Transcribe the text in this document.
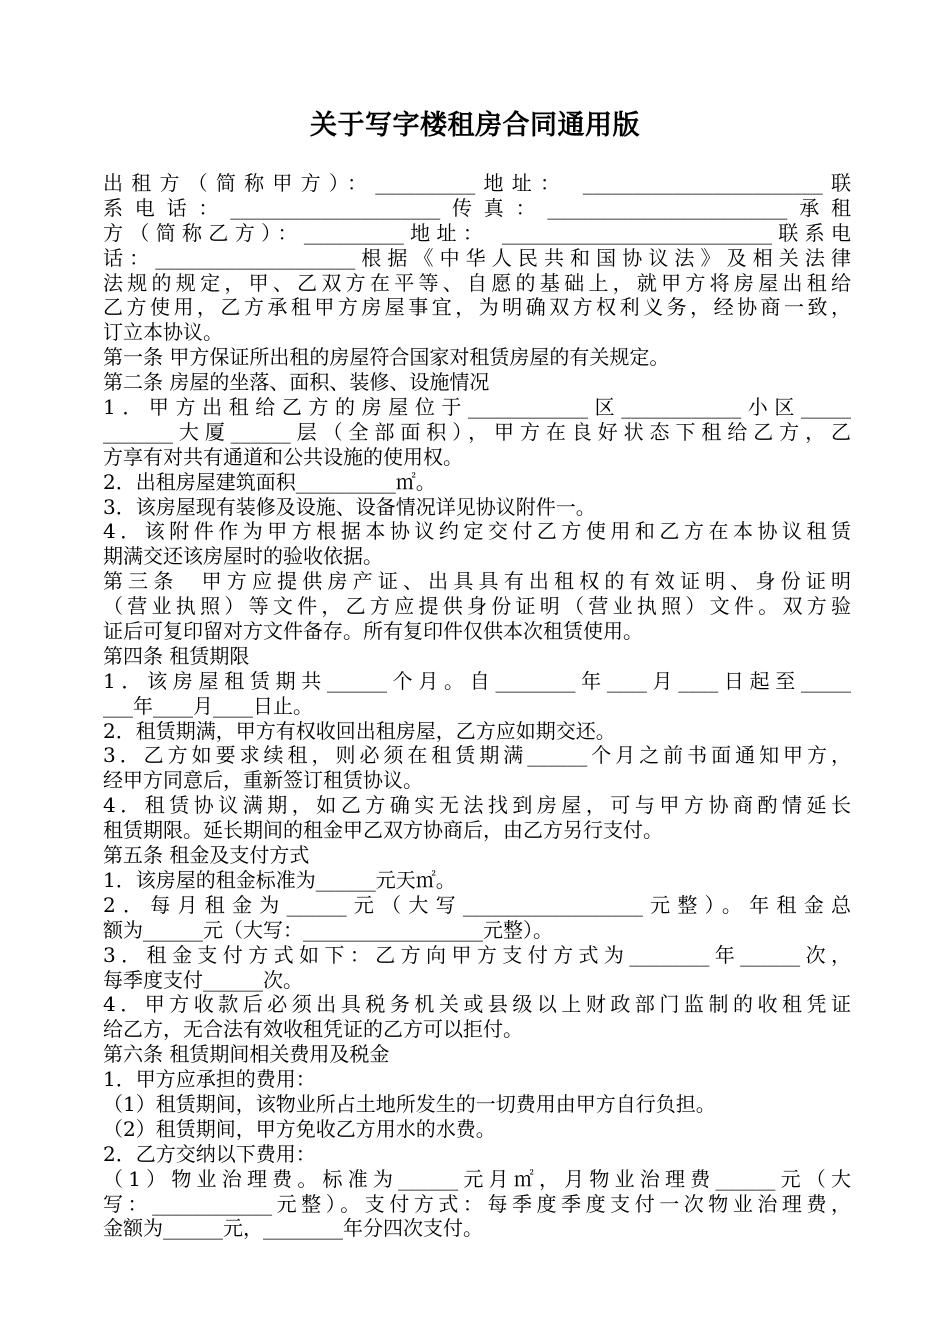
关于写字楼租房合同通用版
出租方（简称甲方）：__________地址： ________________________联
系电话：_____________________传真：________________________承租
方（简称乙方）：__________地址： ___________________________联系电
话：____________________根据《中华人民共和国协议法》及相关法律
法规的规定，甲、乙双方在平等、自愿的基础上，就甲方将房屋出租给
乙方使用，乙方承租甲方房屋事宜，为明确双方权利义务，经协商一致，
订立本协议。
第一条 甲方保证所出租的房屋符合国家对租赁房屋的有关规定。
第二条 房屋的坐落、面积、装修、设施情况
1．甲方出租给乙方的房屋位于____________区____________小区_____
_______大厦______层（全部面积），甲方在良好状态下租给乙方，乙
方享有对共有通道和公共设施的使用权。
2．出租房屋建筑面积__________㎡。
3．该房屋现有装修及设施、设备情况详见协议附件一。
4．该附件作为甲方根据本协议约定交付乙方使用和乙方在本协议租赁
期满交还该房屋时的验收依据。
第三条  甲方应提供房产证、出具具有出租权的有效证明、身份证明
（营业执照）等文件，乙方应提供身份证明（营业执照）文件。双方验
证后可复印留对方文件备存。所有复印件仅供本次租赁使用。
第四条 租赁期限
1．该房屋租赁期共______个月。自________年____月____日起至_____
___年____月____日止。
2．租赁期满，甲方有权收回出租房屋，乙方应如期交还。
3．乙方如要求续租，则必须在租赁期满______个月之前书面通知甲方，
经甲方同意后，重新签订租赁协议。
4．租赁协议满期，如乙方确实无法找到房屋，可与甲方协商酌情延长
租赁期限。延长期间的租金甲乙双方协商后，由乙方另行支付。
第五条 租金及支付方式
1．该房屋的租金标准为______元天㎡。
2．每月租金为______元（大写__________________元整）。年租金总
额为______元（大写：__________________元整）。
3．租金支付方式如下：乙方向甲方支付方式为________年______次，
每季度支付______次。
4．甲方收款后必须出具税务机关或县级以上财政部门监制的收租凭证
给乙方，无合法有效收租凭证的乙方可以拒付。
第六条 租赁期间相关费用及税金
1．甲方应承担的费用：
（1）租赁期间，该物业所占土地所发生的一切费用由甲方自行负担。
（2）租赁期间，甲方免收乙方用水的水费。
2．乙方交纳以下费用：
（1）物业治理费。标准为______元月㎡，月物业治理费______元（大
写：____________元整）。支付方式：每季度季度支付一次物业治理费，
金额为______元，________年分四次支付。
